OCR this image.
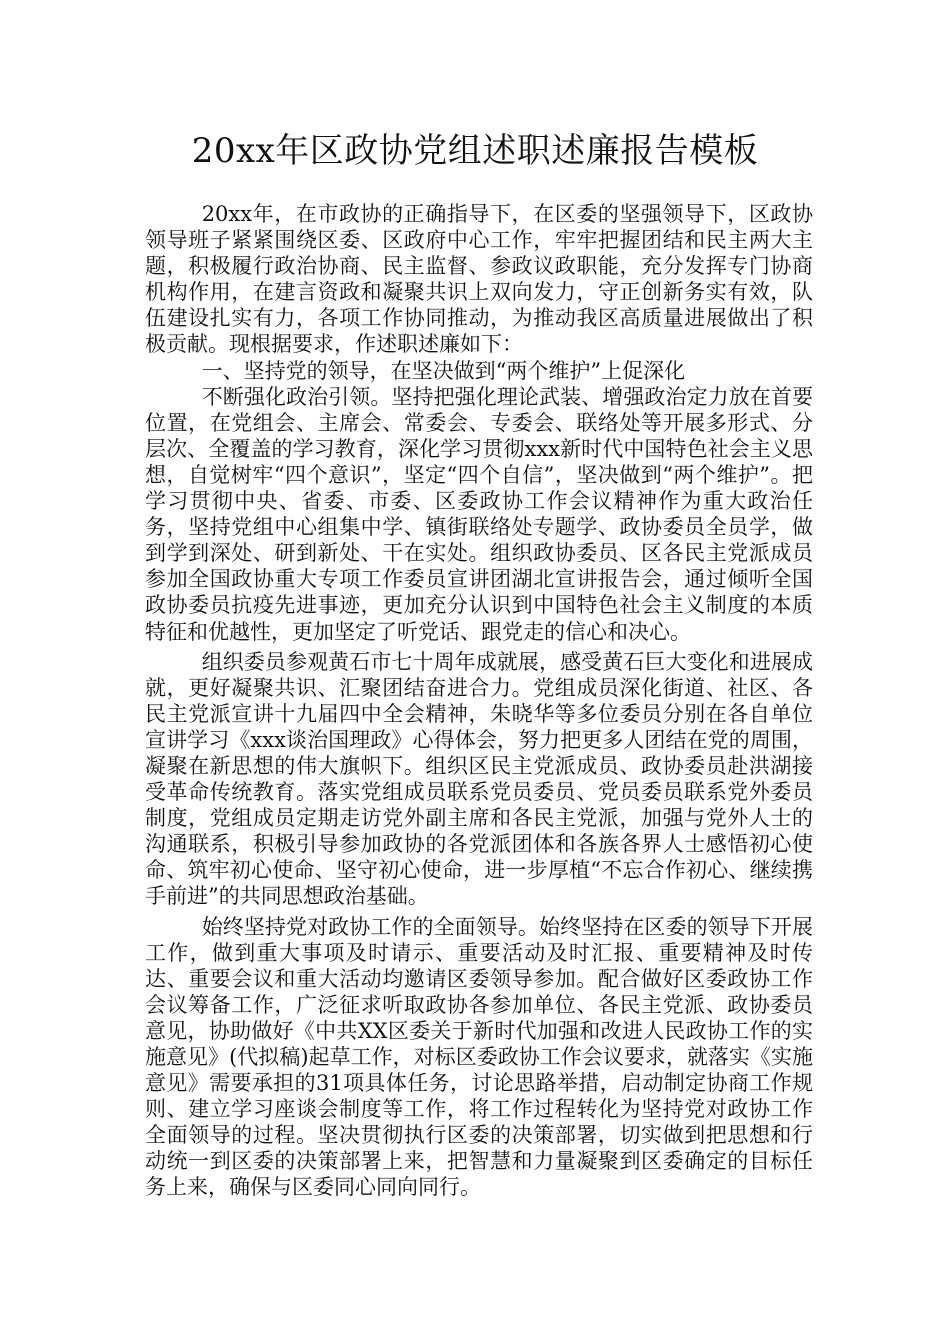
20xx年区政协党组述职述廉报告模板

20xx年，在市政协的正确指导下，在区委的坚强领导下，区政协领导班子紧紧围绕区委、区政府中心工作，牢牢把握团结和民主两大主题，积极履行政治协商、民主监督、参政议政职能，充分发挥专门协商机构作用，在建言资政和凝聚共识上双向发力，守正创新务实有效，队伍建设扎实有力，各项工作协同推动，为推动我区高质量进展做出了积极贡献。现根据要求，作述职述廉如下：

一、坚持党的领导，在坚决做到“两个维护”上促深化

不断强化政治引领。坚持把强化理论武装、增强政治定力放在首要位置，在党组会、主席会、常委会、专委会、联络处等开展多形式、分层次、全覆盖的学习教育，深化学习贯彻xxx新时代中国特色社会主义思想，自觉树牢“四个意识”，坚定“四个自信”，坚决做到“两个维护”。把学习贯彻中央、省委、市委、区委政协工作会议精神作为重大政治任务，坚持党组中心组集中学、镇街联络处专题学、政协委员全员学，做到学到深处、研到新处、干在实处。组织政协委员、区各民主党派成员参加全国政协重大专项工作委员宣讲团湖北宣讲报告会，通过倾听全国政协委员抗疫先进事迹，更加充分认识到中国特色社会主义制度的本质特征和优越性，更加坚定了听党话、跟党走的信心和决心。

组织委员参观黄石市七十周年成就展，感受黄石巨大变化和进展成就，更好凝聚共识、汇聚团结奋进合力。党组成员深化街道、社区、各民主党派宣讲十九届四中全会精神，朱晓华等多位委员分别在各自单位宣讲学习《xxx谈治国理政》心得体会，努力把更多人团结在党的周围，凝聚在新思想的伟大旗帜下。组织区民主党派成员、政协委员赴洪湖接受革命传统教育。落实党组成员联系党员委员、党员委员联系党外委员制度，党组成员定期走访党外副主席和各民主党派，加强与党外人士的沟通联系，积极引导参加政协的各党派团体和各族各界人士感悟初心使命、筑牢初心使命、坚守初心使命，进一步厚植“不忘合作初心、继续携手前进”的共同思想政治基础。

始终坚持党对政协工作的全面领导。始终坚持在区委的领导下开展工作，做到重大事项及时请示、重要活动及时汇报、重要精神及时传达、重要会议和重大活动均邀请区委领导参加。配合做好区委政协工作会议筹备工作，广泛征求听取政协各参加单位、各民主党派、政协委员意见，协助做好《中共XX区委关于新时代加强和改进人民政协工作的实施意见》(代拟稿)起草工作，对标区委政协工作会议要求，就落实《实施意见》需要承担的31项具体任务，讨论思路举措，启动制定协商工作规则、建立学习座谈会制度等工作，将工作过程转化为坚持党对政协工作全面领导的过程。坚决贯彻执行区委的决策部署，切实做到把思想和行动统一到区委的决策部署上来，把智慧和力量凝聚到区委确定的目标任务上来，确保与区委同心同向同行。
